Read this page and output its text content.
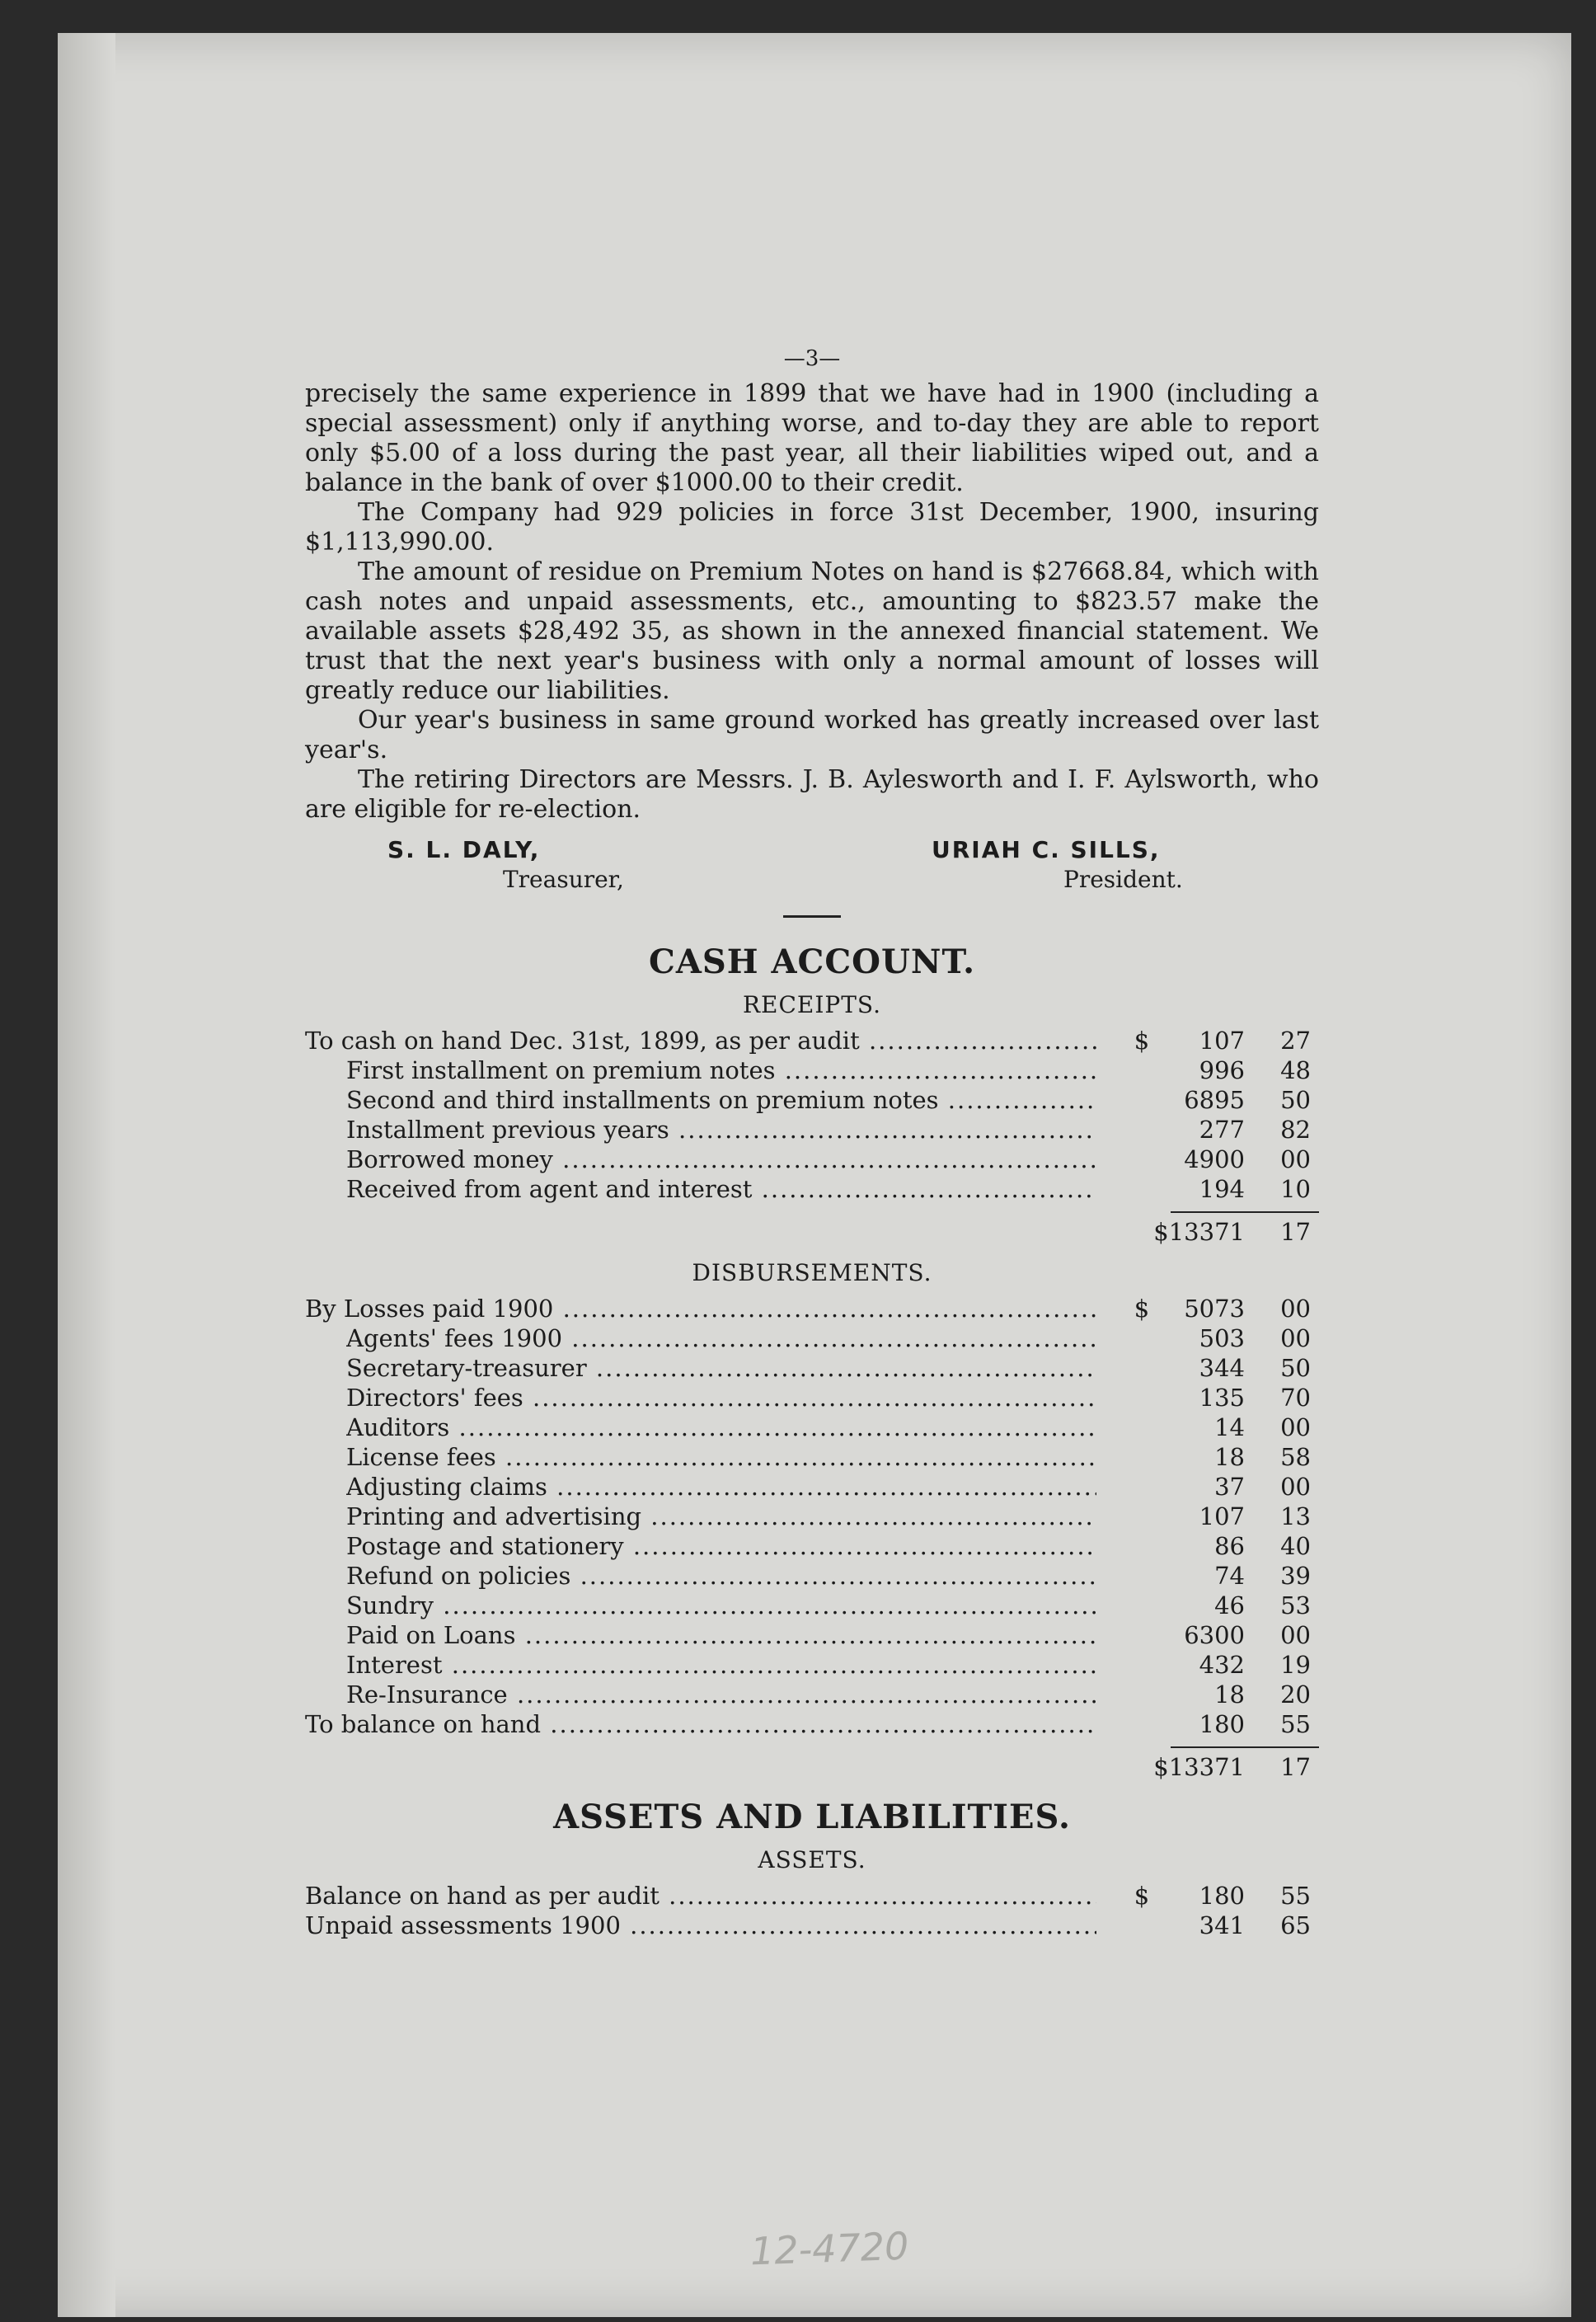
—3—

precisely the same experience in 1899 that we have had in 1900 (including a special assessment) only if anything worse, and to-day they are able to report only $5.00 of a loss during the past year, all their liabilities wiped out, and a balance in the bank of over $1000.00 to their credit.

The Company had 929 policies in force 31st December, 1900, insuring $1,113,990.00.

The amount of residue on Premium Notes on hand is $27668.84, which with cash notes and unpaid assessments, etc., amounting to $823.57 make the available assets $28,492 35, as shown in the annexed financial statement. We trust that the next year's business with only a normal amount of losses will greatly reduce our liabilities.

Our year's business in same ground worked has greatly increased over last year's.

The retiring Directors are Messrs. J. B. Aylesworth and I. F. Aylsworth, who are eligible for re-election.

S. L. DALY,
Treasurer,
URIAH C. SILLS,
President.
CASH ACCOUNT.
RECEIPTS.
To cash on hand Dec. 31st, 1899, as per audit .....	$	107	27
First installment on premium notes .....	996	48
Second and third installments on premium notes .....	6895	50
Installment previous years .....	277	82
Borrowed money .....	4900	00
Received from agent and interest .....	194	10
$13371	17
DISBURSEMENTS.
By Losses paid 1900 .....	$	5073	00
Agents' fees 1900 .....	503	00
Secretary-treasurer .....	344	50
Directors' fees .....	135	70
Auditors .....	14	00
License fees .....	18	58
Adjusting claims .....	37	00
Printing and advertising .....	107	13
Postage and stationery .....	86	40
Refund on policies .....	74	39
Sundry .....	46	53
Paid on Loans .....	6300	00
Interest .....	432	19
Re-Insurance .....	18	20
To balance on hand .....	180	55
$13371	17
ASSETS AND LIABILITIES.
ASSETS.
Balance on hand as per audit .....	$	180	55
Unpaid assessments 1900 .....	341	65
12-4720
